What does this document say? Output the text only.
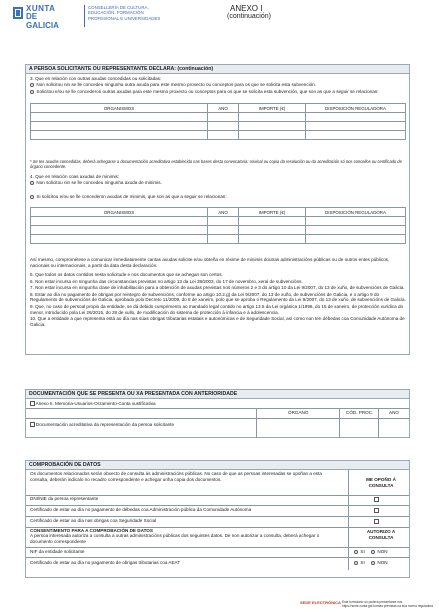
XUNTA
DE GALICIA
CONSELLERÍA DE CULTURA,
EDUCACIÓN, FORMACIÓN
PROFESIONAL E UNIVERSIDADES
ANEXO I
(continuación)
A PERSOA SOLICITANTE OU REPRESENTANTE DECLARA: (continuación)
3. Que en relación con outras axudas concedidas ou solicitadas:
Non solicitou nin se lle concedeu ningunha outra axuda para este mesmo proxecto ou conceptos para os que se solicita esta subvención.
Solicitou e/ou se lle concederon outras axudas para este mesmo proxecto ou conceptos para os que se solicita esta subvención, que son as que a seguir se relacionan:
ORGANISMOS	ANO	IMPORTE (€)	DISPOSICIÓN REGULADORA

* Se tes axudas concedidas, deberá achegarse a documentación acreditativa establecida nas bases desta convocatoria: orixinal ou copia da resolución ou da acreditación só nos concellos ou certificado de órgano concedente.
4. Que en relación coas axudas de minimis:
Non solicitou nin se lle concedeu ningunha axuda de minimis.
Si solicitou e/ou se lle concederon axudas de minimis, que son as que a seguir se relacionan:
ORGANISMOS	ANO	IMPORTE (€)	DISPOSICIÓN REGULADORA

Así mesmo, comprométese a comunicar inmediatamente cantas axudas solicite e/ou obteña en réxime de minimis doutras administracións públicas ou de outros entes públicos, nacionais ou internacionais, a partir da data desta declaración.
5. Que todos os datos contidos nesta solicitude e nos documentos que se achegan son certos.
6. Non estar incursa en ningunha das circunstancias previstas no artigo 13 da Lei 38/2003, do 17 de novembro, xeral de subvencións.
7. Non estar incursa en ningunha clase de inhabilitación para a obtención de axudas previstas nos números 2 e 3 do artigo 10 da Lei 9/2007, do 13 de xuño, de subvencións de Galicia.
8. Estar ao día no pagamento de obrigas por reintegro de subvencións, conforme ao artigo 10.2.g) da Lei 9/2007, do 13 de xuño, de subvencións de Galicia, e o artigo 9 do Regulamento de subvencións de Galicia, aprobado polo Decreto 11/2009, do 8 de xaneiro, polo que se aproba o Regulamento da Lei 9/2007, do 13 de xuño, de subvencións de Galicia.
9. Que, no caso de persoal propio da entidade, se dá debido cumprimento ao mandado legal contido no artigo 13.5 da Lei orgánica 1/1996, do 15 de xaneiro, de protección xurídica do menor, introducido pola Lei 26/2015, do 28 de xullo, de modificación do sistema de protección á infancia e á adolescencia.
10. Que a entidade a que representa está ao día nas súas obrigas tributarias estatais e autonómicas e de Seguridade Social, así como non ten débedas coa Comunidade Autónoma de Galicia.
DOCUMENTACIÓN QUE SE PRESENTA OU XA PRESENTADA CON ANTERIORIDADE
Anexo II. Memoria-Usuarios-Orzamento-Conta xustificativa
ÓRGANO	CÓD. PROC.	ANO
Documentación acreditativa da representación da persoa solicitante
COMPROBACIÓN DE DATOS
Os documentos relacionados serán obxecto de consulta ás administracións públicas. No caso de que as persoas interesadas se opoñan a esta consulta, deberán indicalo no recadro correspondente e achegar unha copia dos documentos.	ME OPOÑO Á CONSULTA
DNI/NIE da persoa representante
Certificado de estar ao día no pagamento de débedas coa Administración pública da Comunidade Autónoma
Certificado de estar ao día nas obrigas coa Seguridade Social
CONSENTIMENTO PARA A COMPROBACIÓN DE DATOS
A persoa interesada autoriza a consulta a outras administracións públicas dos seguintes datos. De non autorizar a consulta, deberá achegar o documento correspondente
AUTORIZO A CONSULTA
NIF da entidade solicitante	SI	NON
Certificado de estar ao día no pagamento de obrigas tributarias coa AEAT	SI	NON
SEDE ELECTRÓNICA Este formulario só poderá presentarse nos
https://sede.xunta.gal formas previstas na súa norma reguladora
